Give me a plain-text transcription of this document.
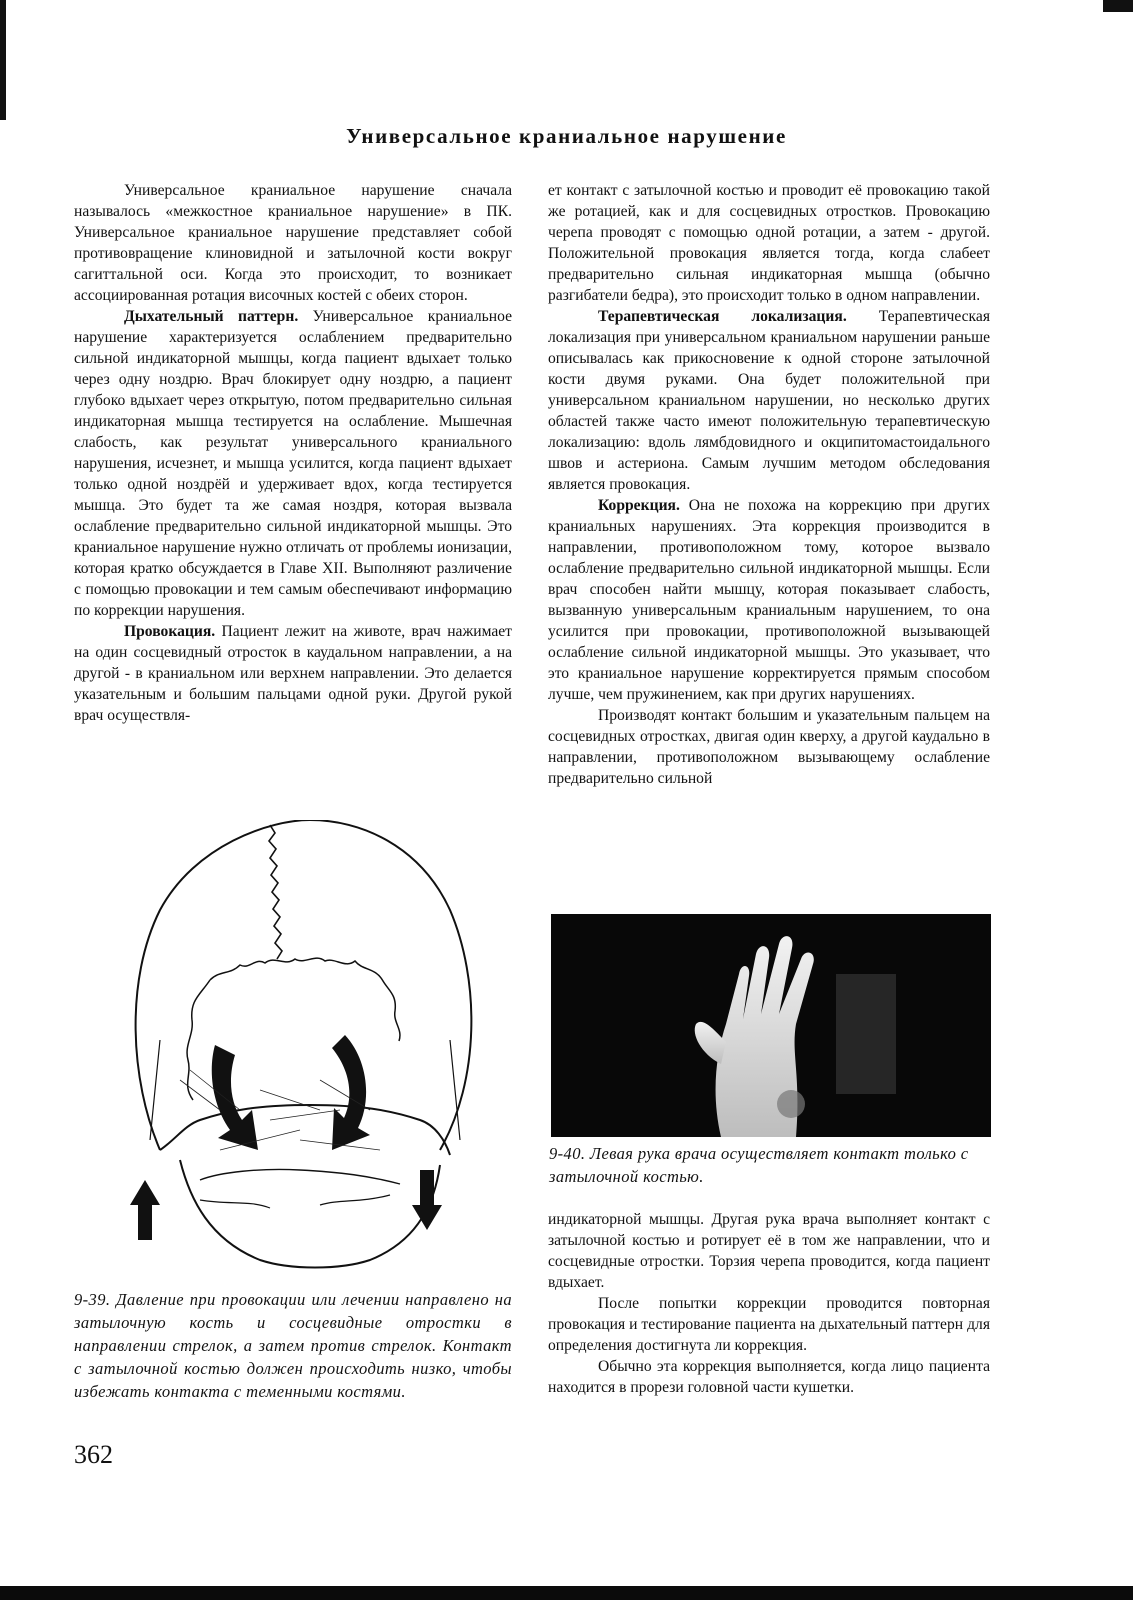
Универсальное краниальное нарушение

Универсальное краниальное нарушение сначала называлось «межкостное краниальное нарушение» в ПК. Универсальное краниальное нарушение представляет собой противовращение клиновидной и затылочной кости вокруг сагиттальной оси. Когда это происходит, то возникает ассоциированная ротация височных костей с обеих сторон.

Дыхательный паттерн. Универсальное краниальное нарушение характеризуется ослаблением предварительно сильной индикаторной мышцы, когда пациент вдыхает только через одну ноздрю. Врач блокирует одну ноздрю, а пациент глубоко вдыхает через открытую, потом предварительно сильная индикаторная мышца тестируется на ослабление. Мышечная слабость, как результат универсального краниального нарушения, исчезнет, и мышца усилится, когда пациент вдыхает только одной ноздрёй и удерживает вдох, когда тестируется мышца. Это будет та же самая ноздря, которая вызвала ослабление предварительно сильной индикаторной мышцы. Это краниальное нарушение нужно отличать от проблемы ионизации, которая кратко обсуждается в Главе XII. Выполняют различение с помощью провокации и тем самым обеспечивают информацию по коррекции нарушения.

Провокация. Пациент лежит на животе, врач нажимает на один сосцевидный отросток в каудальном направлении, а на другой - в краниальном или верхнем направлении. Это делается указательным и большим пальцами одной руки. Другой рукой врач осуществля-

ет контакт с затылочной костью и проводит её провокацию такой же ротацией, как и для сосцевидных отростков. Провокацию черепа проводят с помощью одной ротации, а затем - другой. Положительной провокация является тогда, когда слабеет предварительно сильная индикаторная мышца (обычно разгибатели бедра), это происходит только в одном направлении.

Терапевтическая локализация. Терапевтическая локализация при универсальном краниальном нарушении раньше описывалась как прикосновение к одной стороне затылочной кости двумя руками. Она будет положительной при универсальном краниальном нарушении, но несколько других областей также часто имеют положительную терапевтическую локализацию: вдоль лямбдовидного и окципитомастоидального швов и астериона. Самым лучшим методом обследования является провокация.

Коррекция. Она не похожа на коррекцию при других краниальных нарушениях. Эта коррекция производится в направлении, противоположном тому, которое вызвало ослабление предварительно сильной индикаторной мышцы. Если врач способен найти мышцу, которая показывает слабость, вызванную универсальным краниальным нарушением, то она усилится при провокации, противоположной вызывающей ослабление сильной индикаторной мышцы. Это указывает, что это краниальное нарушение корректируется прямым способом лучше, чем пружинением, как при других нарушениях.

Производят контакт большим и указательным пальцем на сосцевидных отростках, двигая один кверху, а другой каудально в направлении, противоположном вызывающему ослабление предварительно сильной

9-39. Давление при провокации или лечении направлено на затылочную кость и сосцевидные отростки в направлении стрелок, а затем против стрелок. Контакт с затылочной костью должен происходить низко, чтобы избежать контакта с теменными костями.
9-40. Левая рука врача осуществляет контакт только с затылочной костью.

индикаторной мышцы. Другая рука врача выполняет контакт с затылочной костью и ротирует её в том же направлении, что и сосцевидные отростки. Торзия черепа проводится, когда пациент вдыхает.

После попытки коррекции проводится повторная провокация и тестирование пациента на дыхательный паттерн для определения достигнута ли коррекция.

Обычно эта коррекция выполняется, когда лицо пациента находится в прорези головной части кушетки.

362
